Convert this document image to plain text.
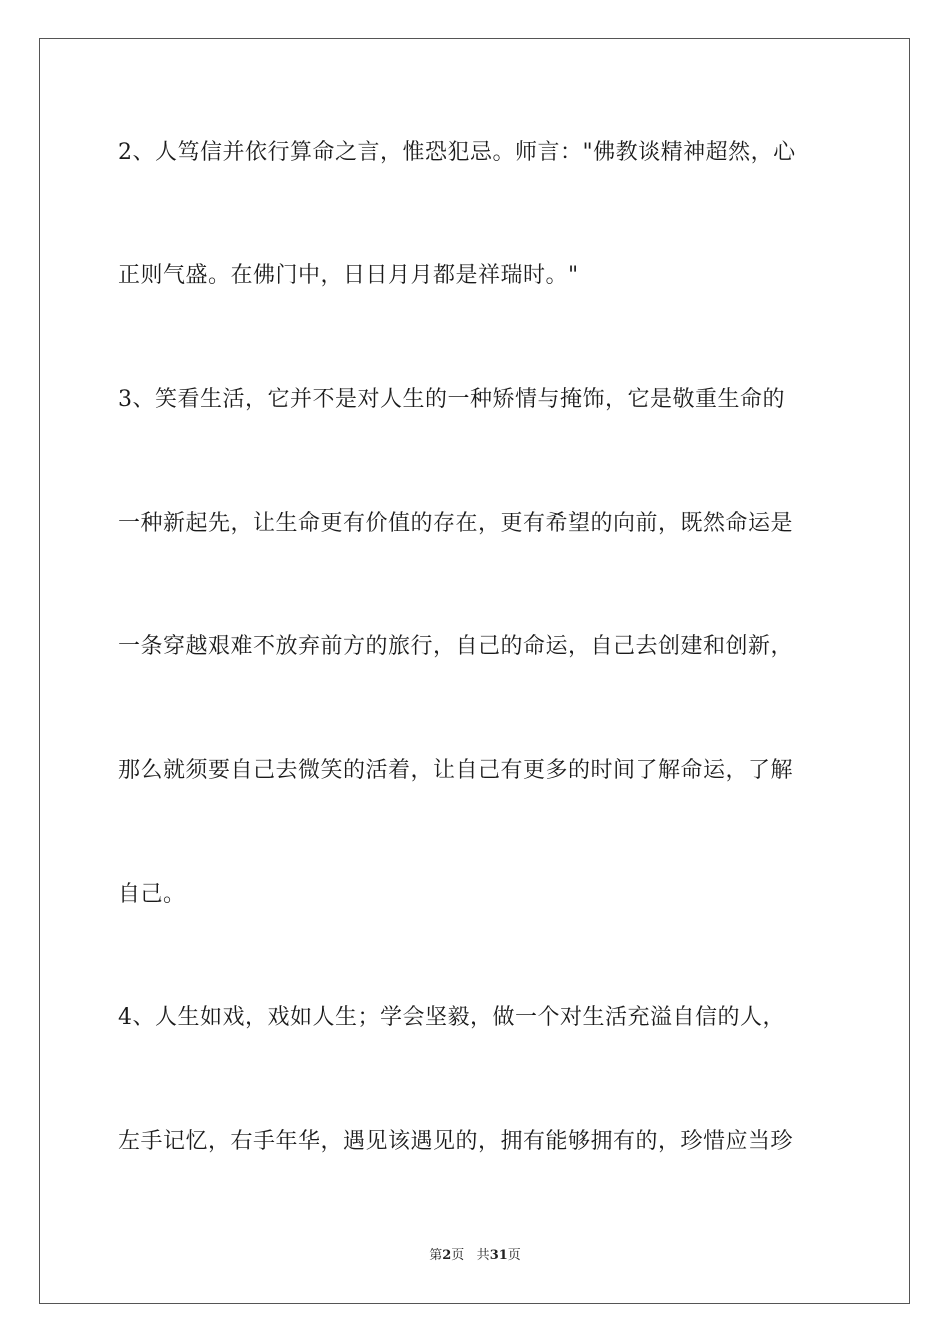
2、人笃信并依行算命之言，惟恐犯忌。师言："佛教谈精神超然，心
正则气盛。在佛门中，日日月月都是祥瑞时。"
3、笑看生活，它并不是对人生的一种矫情与掩饰，它是敬重生命的
一种新起先，让生命更有价值的存在，更有希望的向前，既然命运是
一条穿越艰难不放弃前方的旅行，自己的命运，自己去创建和创新，
那么就须要自己去微笑的活着，让自己有更多的时间了解命运，了解
自己。
4、人生如戏，戏如人生；学会坚毅，做一个对生活充溢自信的人，
左手记忆，右手年华，遇见该遇见的，拥有能够拥有的，珍惜应当珍
第2页 共31页
